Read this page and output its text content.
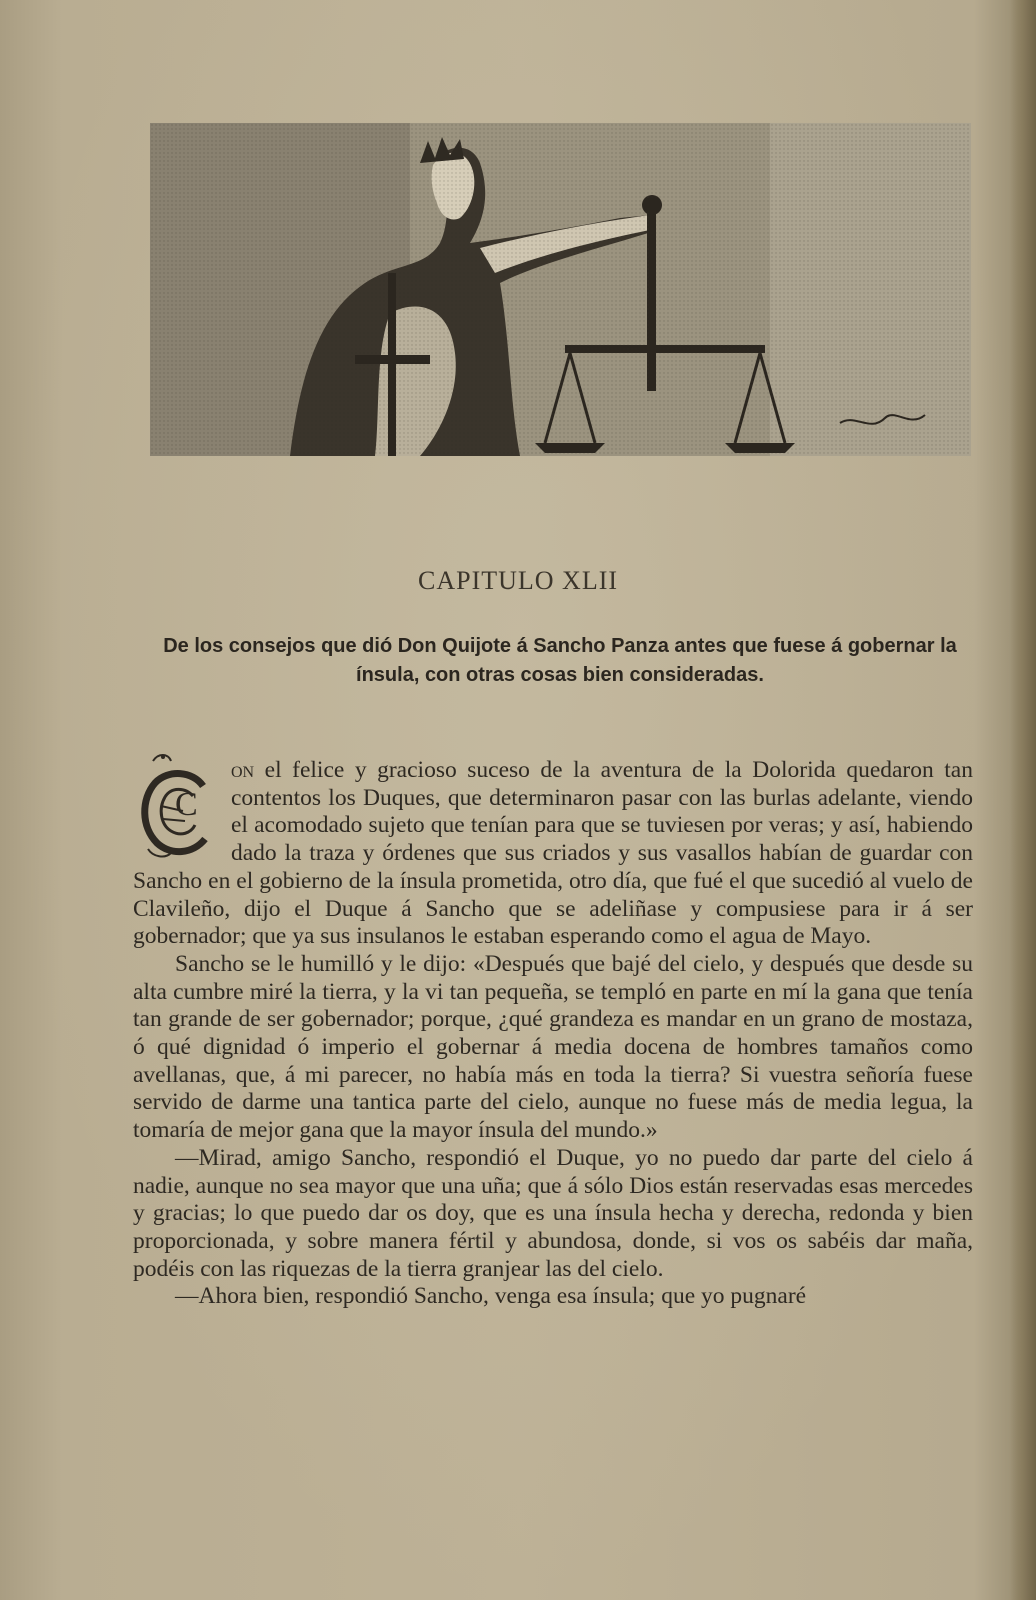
CAPITULO XLII
De los consejos que dió Don Quijote á Sancho Panza antes que fuese á gobernar la ínsula, con otras cosas bien consideradas.

C
on el felice y gracioso suceso de la aventura de la Dolorida quedaron tan contentos los Duques, que determinaron pasar con las burlas adelante, viendo el acomodado sujeto que tenían para que se tuviesen por veras; y así, habiendo dado la traza y órdenes que sus criados y sus vasallos habían de guardar con Sancho en el gobierno de la ínsula prometida, otro día, que fué el que sucedió al vuelo de Clavileño, dijo el Duque á Sancho que se adeliñase y compusiese para ir á ser gobernador; que ya sus insulanos le estaban esperando como el agua de Mayo.

Sancho se le humilló y le dijo: «Después que bajé del cielo, y después que desde su alta cumbre miré la tierra, y la vi tan pequeña, se templó en parte en mí la gana que tenía tan grande de ser gobernador; porque, ¿qué grandeza es mandar en un grano de mostaza, ó qué dignidad ó imperio el gobernar á media docena de hombres tamaños como avellanas, que, á mi parecer, no había más en toda la tierra? Si vuestra señoría fuese servido de darme una tantica parte del cielo, aunque no fuese más de media legua, la tomaría de mejor gana que la mayor ínsula del mundo.»

—Mirad, amigo Sancho, respondió el Duque, yo no puedo dar parte del cielo á nadie, aunque no sea mayor que una uña; que á sólo Dios están reservadas esas mercedes y gracias; lo que puedo dar os doy, que es una ínsula hecha y derecha, redonda y bien proporcionada, y sobre manera fértil y abundosa, donde, si vos os sabéis dar maña, podéis con las riquezas de la tierra granjear las del cielo.

—Ahora bien, respondió Sancho, venga esa ínsula; que yo pugnaré
